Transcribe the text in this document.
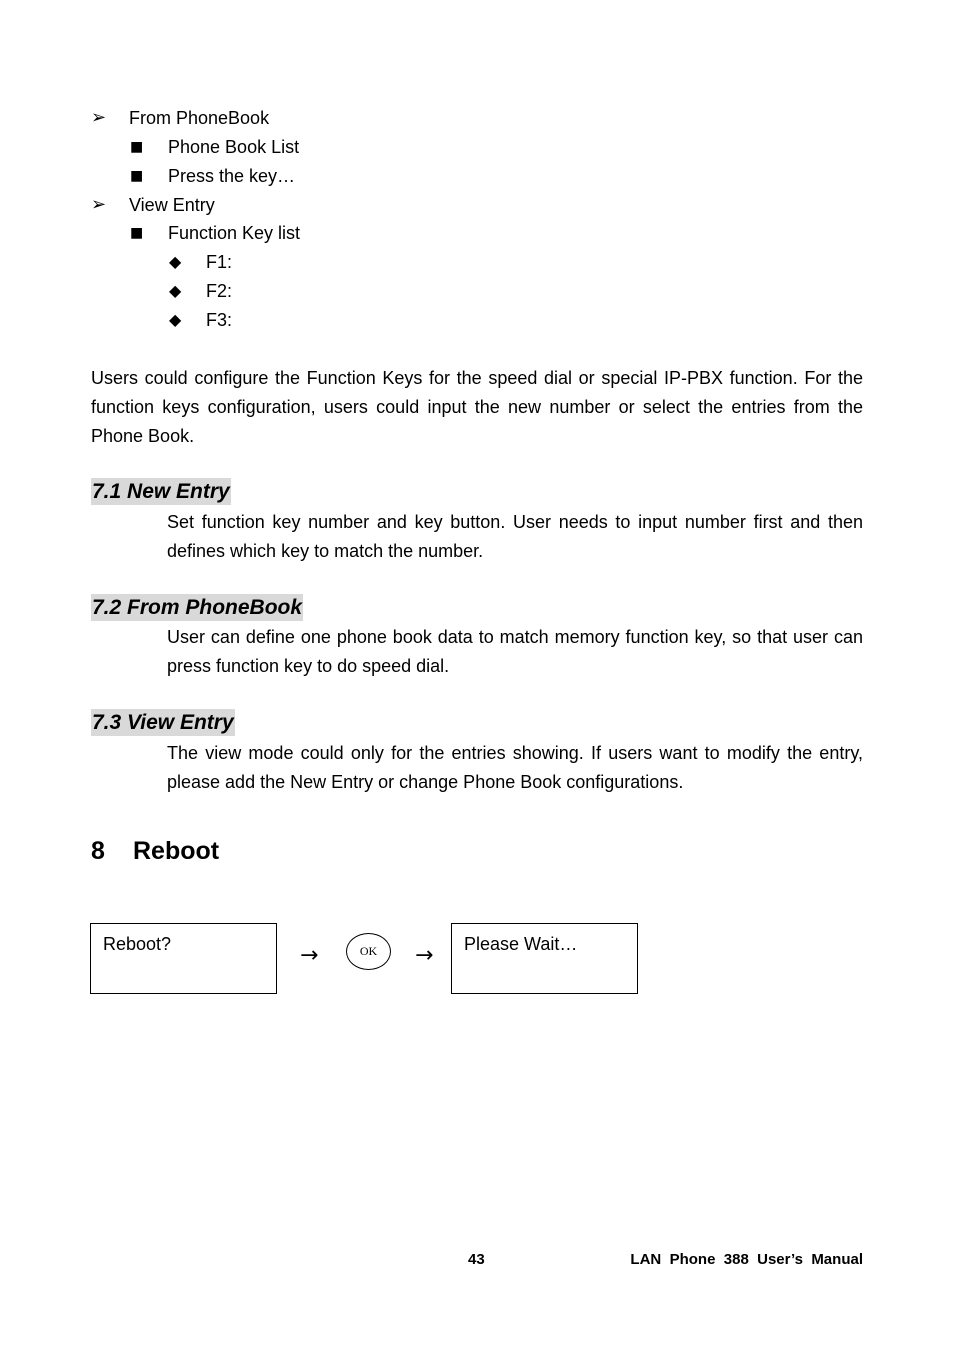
➢ From PhoneBook
■ Phone Book List
■ Press the key…
➢ View Entry
■ Function Key list
◆ F1:
◆ F2:
◆ F3:
Users could configure the Function Keys for the speed dial or special IP-PBX function. For the function keys configuration, users could input the new number or select the entries from the Phone Book.
7.1 New Entry
Set function key number and key button. User needs to input number first and then defines which key to match the number.
7.2 From PhoneBook
User can define one phone book data to match memory function key, so that user can press function key to do speed dial.
7.3 View Entry
The view mode could only for the entries showing. If users want to modify the entry, please add the New Entry or change Phone Book configurations.
8 Reboot
Reboot?	→	OK →	Please Wait…
43	LAN  Phone  388  User’s  Manual
